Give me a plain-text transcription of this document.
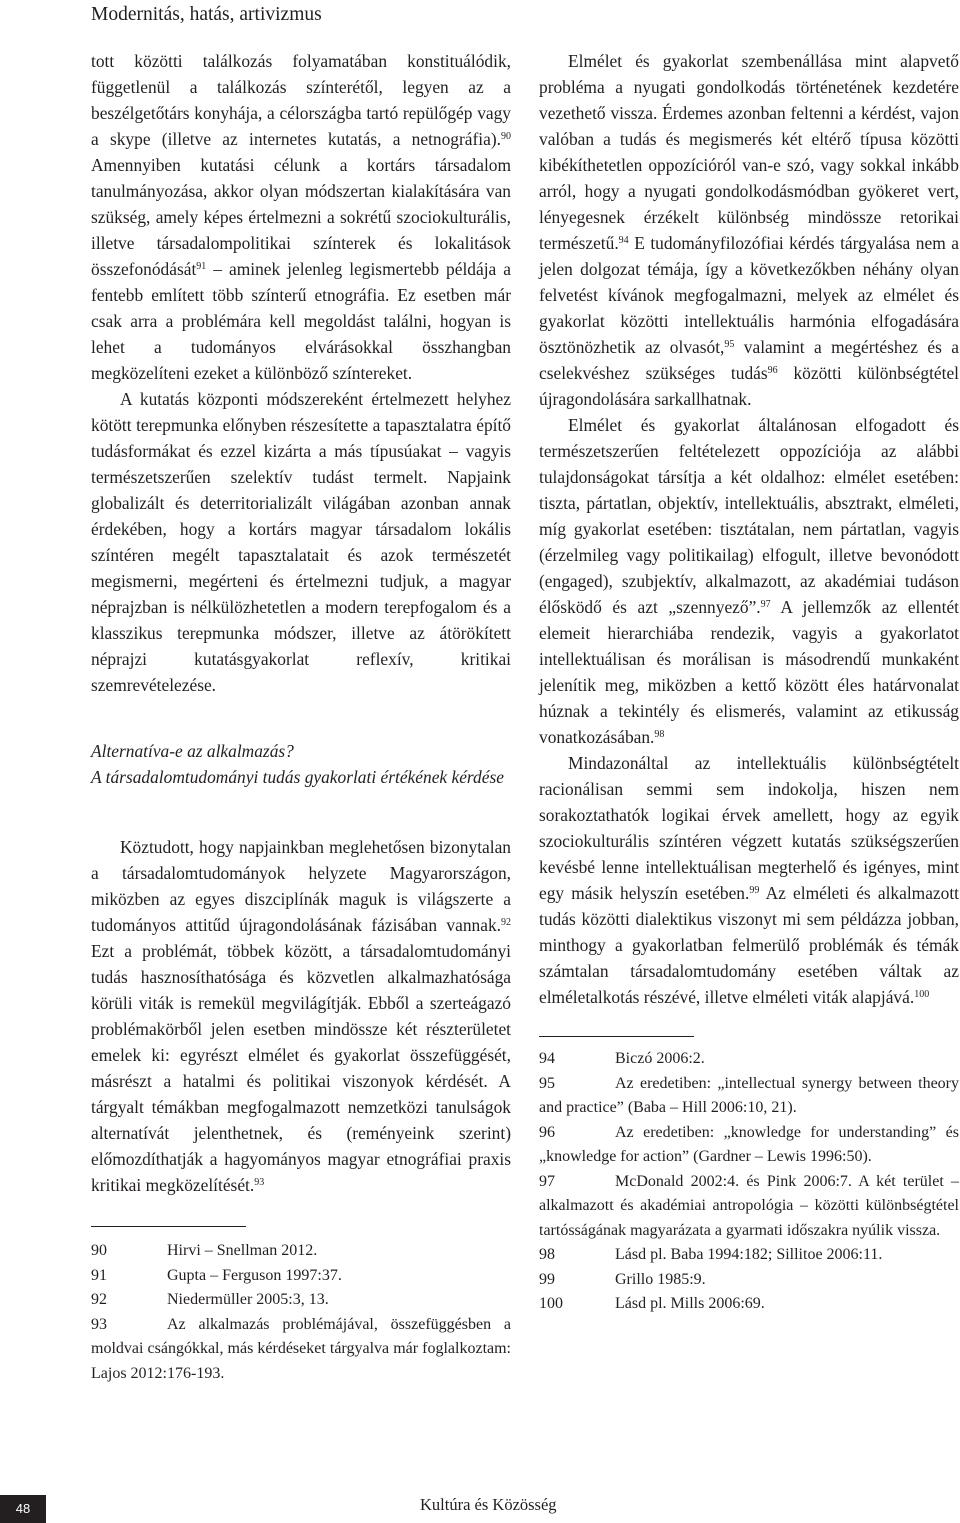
Modernitás, hatás, artivizmus

tott közötti találkozás folyamatában konstituálódik, függetlenül a találkozás színterétől, legyen az a beszélgetőtárs konyhája, a célországba tartó repülőgép vagy a skype (illetve az internetes kutatás, a netnográfia).$^{90}$ Amennyiben kutatási célunk a kortárs társadalom tanulmányozása, akkor olyan módszertan kialakítására van szükség, amely képes értelmezni a sokrétű szociokulturális, illetve társadalompolitikai színterek és lokalitások összefonódását$^{91}$ – aminek jelenleg legismertebb példája a fentebb említett több színterű etnográfia. Ez esetben már csak arra a problémára kell megoldást találni, hogyan is lehet a tudományos elvárásokkal összhangban megközelíteni ezeket a különböző színtereket.

A kutatás központi módszereként értelmezett helyhez kötött terepmunka előnyben részesítette a tapasztalatra építő tudásformákat és ezzel kizárta a más típusúakat – vagyis természetszerűen szelektív tudást termelt. Napjaink globalizált és deterritorializált világában azonban annak érdekében, hogy a kortárs magyar társadalom lokális színtéren megélt tapasztalatait és azok természetét megismerni, megérteni és értelmezni tudjuk, a magyar néprajzban is nélkülözhetetlen a modern terepfogalom és a klasszikus terepmunka módszer, illetve az átörökített néprajzi kutatásgyakorlat reflexív, kritikai szemrevételezése.

Alternatíva-e az alkalmazás?
A társadalomtudományi tudás gyakorlati értékének kérdése

Köztudott, hogy napjainkban meglehetősen bizonytalan a társadalomtudományok helyzete Magyarországon, miközben az egyes diszciplínák maguk is világszerte a tudományos attitűd újragondolásának fázisában vannak.$^{92}$ Ezt a problémát, többek között, a társadalomtudományi tudás hasznosíthatósága és közvetlen alkalmazhatósága körüli viták is remekül megvilágítják. Ebből a szerteágazó problémakörből jelen esetben mindössze két részterületet emelek ki: egyrészt elmélet és gyakorlat összefüggését, másrészt a hatalmi és politikai viszonyok kérdését. A tárgyalt témákban megfogalmazott nemzetközi tanulságok alternatívát jelenthetnek, és (reményeink szerint) előmozdíthatják a hagyományos magyar etnográfiai praxis kritikai megközelítését.$^{93}$

90	Hirvi – Snellman 2012.

91	Gupta – Ferguson 1997:37.

92	Niedermüller 2005:3, 13.

93	Az alkalmazás problémájával, összefüggésben a moldvai csángókkal, más kérdéseket tárgyalva már foglalkoztam: Lajos 2012:176-193.

Elmélet és gyakorlat szembenállása mint alapvető probléma a nyugati gondolkodás történetének kezdetére vezethető vissza. Érdemes azonban feltenni a kérdést, vajon valóban a tudás és megismerés két eltérő típusa közötti kibékíthetetlen oppozícióról van-e szó, vagy sokkal inkább arról, hogy a nyugati gondolkodásmódban gyökeret vert, lényegesnek érzékelt különbség mindössze retorikai természetű.$^{94}$ E tudományfilozófiai kérdés tárgyalása nem a jelen dolgozat témája, így a következőkben néhány olyan felvetést kívánok megfogalmazni, melyek az elmélet és gyakorlat közötti intellektuális harmónia elfogadására ösztönözhetik az olvasót,$^{95}$ valamint a megértéshez és a cselekvéshez szükséges tudás$^{96}$ közötti különbségtétel újragondolására sarkallhatnak.

Elmélet és gyakorlat általánosan elfogadott és természetszerűen feltételezett oppozíciója az alábbi tulajdonságokat társítja a két oldalhoz: elmélet esetében: tiszta, pártatlan, objektív, intellektuális, absztrakt, elméleti, míg gyakorlat esetében: tisztátalan, nem pártatlan, vagyis (érzelmileg vagy politikailag) elfogult, illetve bevonódott (engaged), szubjektív, alkalmazott, az akadémiai tudáson élősködő és azt „szennyező”.$^{97}$ A jellemzők az ellentét elemeit hierarchiába rendezik, vagyis a gyakorlatot intellektuálisan és morálisan is másodrendű munkaként jelenítik meg, miközben a kettő között éles határvonalat húznak a tekintély és elismerés, valamint az etikusság vonatkozásában.$^{98}$

Mindazonáltal az intellektuális különbségtételt racionálisan semmi sem indokolja, hiszen nem sorakoztathatók logikai érvek amellett, hogy az egyik szociokulturális színtéren végzett kutatás szükségszerűen kevésbé lenne intellektuálisan megterhelő és igényes, mint egy másik helyszín esetében.$^{99}$ Az elméleti és alkalmazott tudás közötti dialektikus viszonyt mi sem példázza jobban, minthogy a gyakorlatban felmerülő problémák és témák számtalan társadalomtudomány esetében váltak az elméletalkotás részévé, illetve elméleti viták alapjává.$^{100}$

94	Biczó 2006:2.

95	Az eredetiben: „intellectual synergy between theory and practice” (Baba – Hill 2006:10, 21).

96	Az eredetiben: „knowledge for understanding” és „knowledge for action” (Gardner – Lewis 1996:50).

97	McDonald 2002:4. és Pink 2006:7. A két terület – alkalmazott és akadémiai antropológia – közötti különbségtétel tartósságának magyarázata a gyarmati időszakra nyúlik vissza.

98	Lásd pl. Baba 1994:182; Sillitoe 2006:11.

99	Grillo 1985:9.

100	Lásd pl. Mills 2006:69.

48	Kultúra és Közösség
